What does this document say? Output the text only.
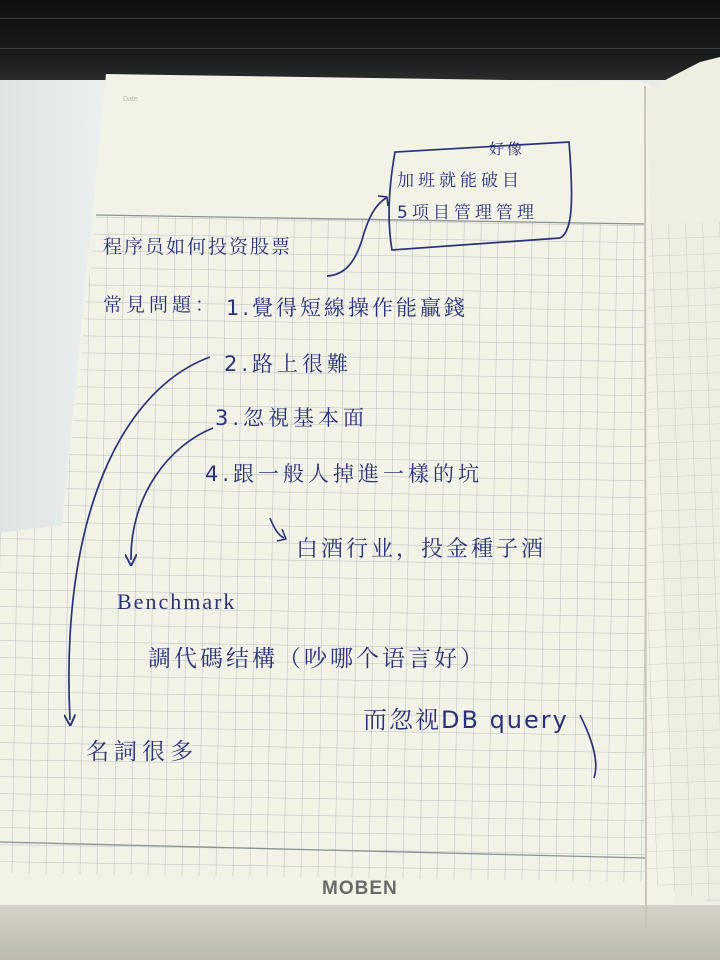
Date
好像
加班就能破目
5项目管理管理
程序员如何投资股票
常見問題： 1.覺得短線操作能贏錢
2.路上很難
3.忽視基本面
4.跟一般人掉進一樣的坑
白酒行业，投金種子酒
Benchmark
調代碼结構（吵哪个语言好）
而忽视DB query
名詞很多
MOBEN
